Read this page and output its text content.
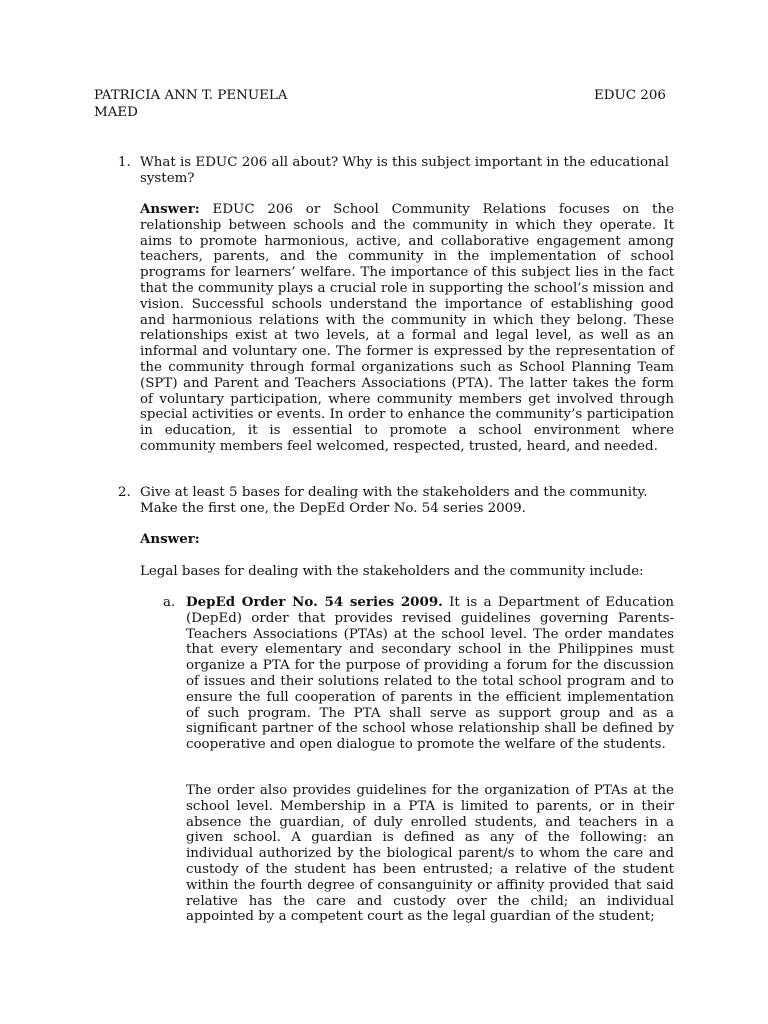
PATRICIA ANN T. PENUELA
MAED
EDUC 206
1. What is EDUC 206 all about? Why is this subject important in the educational system?
Answer: EDUC 206 or School Community Relations focuses on the relationship between schools and the community in which they operate. It aims to promote harmonious, active, and collaborative engagement among teachers, parents, and the community in the implementation of school programs for learners’ welfare. The importance of this subject lies in the fact that the community plays a crucial role in supporting the school’s mission and vision. Successful schools understand the importance of establishing good and harmonious relations with the community in which they belong. These relationships exist at two levels, at a formal and legal level, as well as an informal and voluntary one. The former is expressed by the representation of the community through formal organizations such as School Planning Team (SPT) and Parent and Teachers Associations (PTA). The latter takes the form of voluntary participation, where community members get involved through special activities or events. In order to enhance the community’s participation in education, it is essential to promote a school environment where community members feel welcomed, respected, trusted, heard, and needed.
2. Give at least 5 bases for dealing with the stakeholders and the community. Make the first one, the DepEd Order No. 54 series 2009.
Answer:
Legal bases for dealing with the stakeholders and the community include:
a. DepEd Order No. 54 series 2009. It is a Department of Education (DepEd) order that provides revised guidelines governing Parents-Teachers Associations (PTAs) at the school level. The order mandates that every elementary and secondary school in the Philippines must organize a PTA for the purpose of providing a forum for the discussion of issues and their solutions related to the total school program and to ensure the full cooperation of parents in the efficient implementation of such program. The PTA shall serve as support group and as a significant partner of the school whose relationship shall be defined by cooperative and open dialogue to promote the welfare of the students.
The order also provides guidelines for the organization of PTAs at the school level. Membership in a PTA is limited to parents, or in their absence the guardian, of duly enrolled students, and teachers in a given school. A guardian is defined as any of the following: an individual authorized by the biological parent/s to whom the care and custody of the student has been entrusted; a relative of the student within the fourth degree of consanguinity or affinity provided that said relative has the care and custody over the child; an individual appointed by a competent court as the legal guardian of the student;
